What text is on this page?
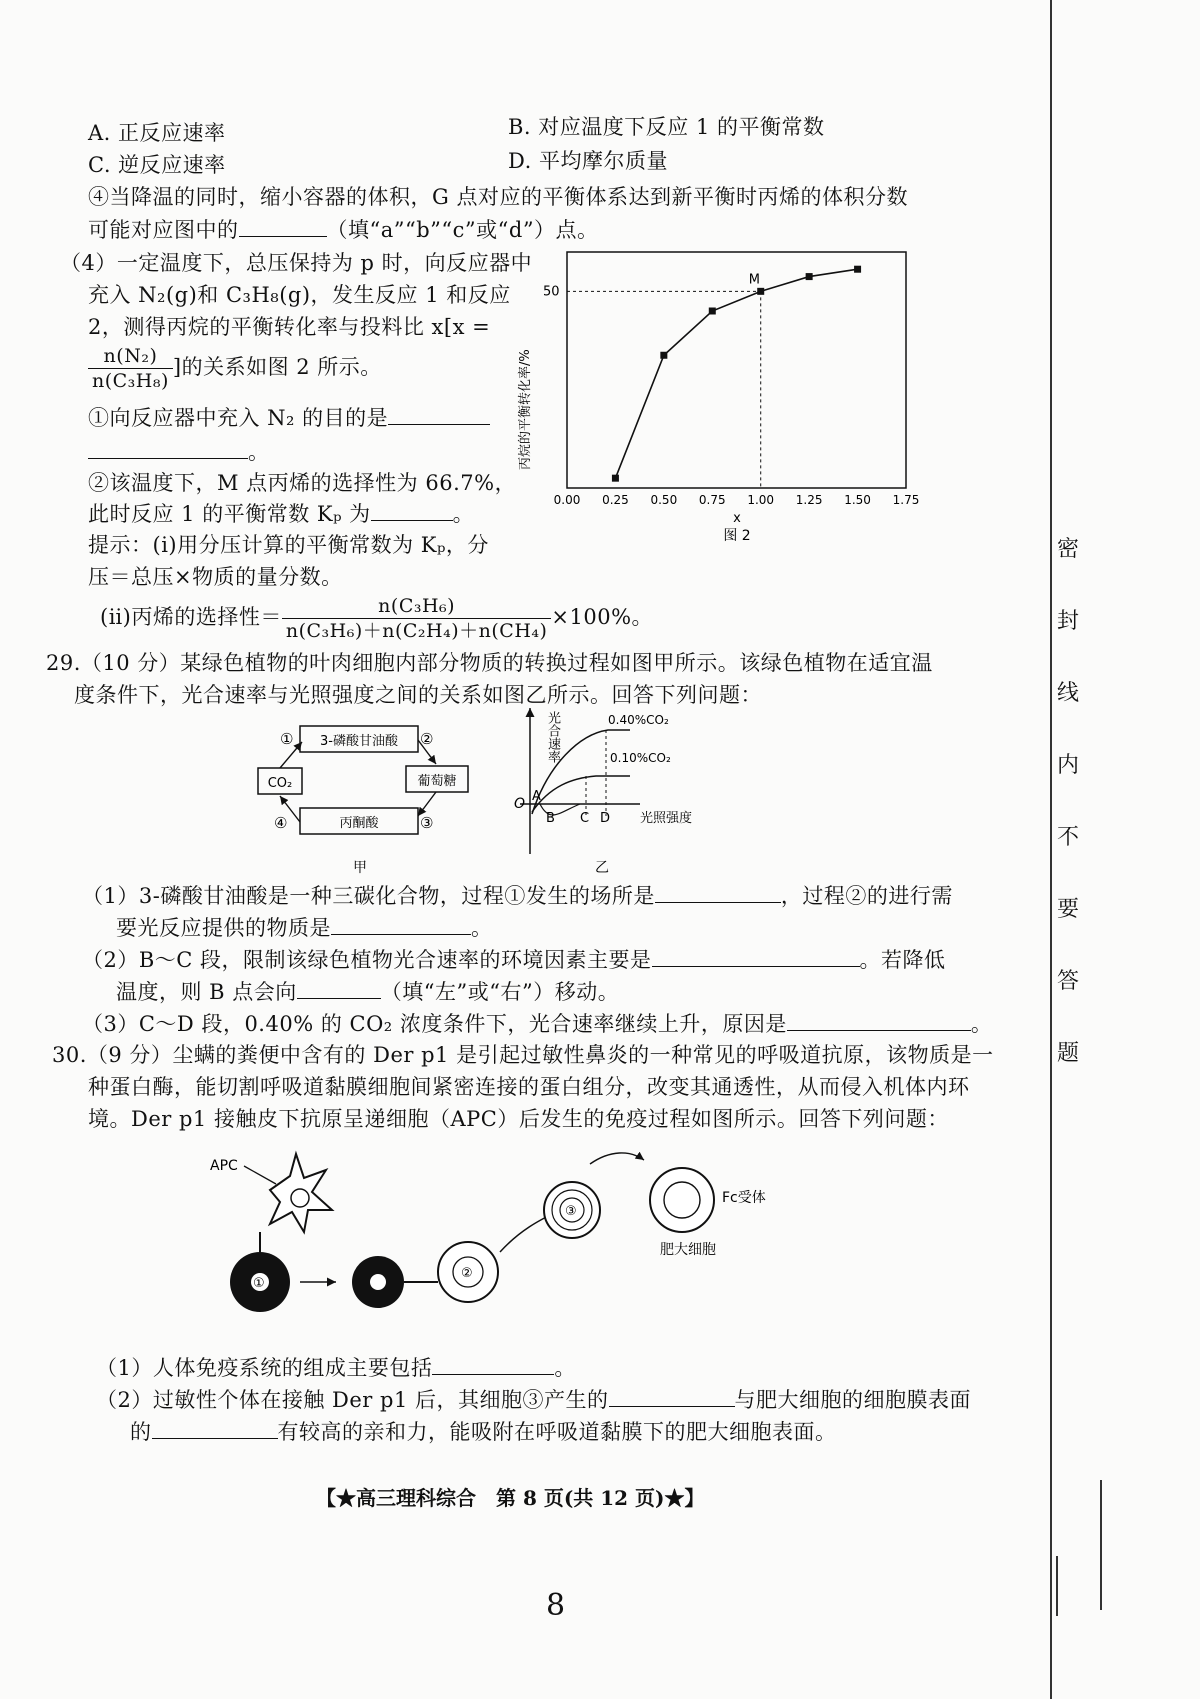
A. 正反应速率	B. 对应温度下反应 1 的平衡常数
C. 逆反应速率	D. 平均摩尔质量
④当降温的同时，缩小容器的体积，G 点对应的平衡体系达到新平衡时丙烯的体积分数
可能对应图中的	（填“a”“b”“c”或“d”）点。
（4）一定温度下，总压保持为 p 时，向反应器中
充入 N₂(g)和 C₃H₈(g)，发生反应 1 和反应
2，测得丙烷的平衡转化率与投料比 x[x =
$\frac{\text{n(N₂)}}{\text{n(C₃H₈)}}$ ]的关系如图 2 所示。
①向反应器中充入 N₂ 的目的是
。
②该温度下，M 点丙烯的选择性为 66.7%，
此时反应 1 的平衡常数 Kₚ 为	。
提示：(ⅰ)用分压计算的平衡常数为 Kₚ，分
压＝总压×物质的量分数。
(ⅱ)丙烯的选择性＝ $\frac{\text{n(C₃H₆)}}{\text{n(C₃H₆)＋n(C₂H₄)＋n(CH₄)}} \times 100\%$。
0.00 0.25 0.50 0.75 1.00 1.25 1.50 1.75
M
50
x
图 2
丙烷的平衡转化率/%
29.（10 分）某绿色植物的叶肉细胞内部分物质的转换过程如图甲所示。该绿色植物在适宜温
度条件下，光合速率与光照强度之间的关系如图乙所示。回答下列问题：
3-磷酸甘油酸
CO₂	葡萄糖
丙酮酸
①	②
③
④
甲
光合速率
O
0.40%CO₂
0.10%CO₂
A
B C D 光照强度
乙
（1）3-磷酸甘油酸是一种三碳化合物，过程①发生的场所是	，过程②的进行需
要光反应提供的物质是	。
（2）B～C 段，限制该绿色植物光合速率的环境因素主要是	。若降低
温度，则 B 点会向	（填“左”或“右”）移动。
（3）C～D 段，0.40% 的 CO₂ 浓度条件下，光合速率继续上升，原因是	。
30.（9 分）尘螨的粪便中含有的 Der p1 是引起过敏性鼻炎的一种常见的呼吸道抗原，该物质是一
种蛋白酶，能切割呼吸道黏膜细胞间紧密连接的蛋白组分，改变其通透性，从而侵入机体内环
境。Der p1 接触皮下抗原呈递细胞（APC）后发生的免疫过程如图所示。回答下列问题：
APC
①
②
③
Fc受体
肥大细胞
（1）人体免疫系统的组成主要包括	。
（2）过敏性个体在接触 Der p1 后，其细胞③产生的	与肥大细胞的细胞膜表面
的	有较高的亲和力，能吸附在呼吸道黏膜下的肥大细胞表面。
【★高三理科综合　第 8 页(共 12 页)★】
8
密
封
线
内
不
要
答
题
